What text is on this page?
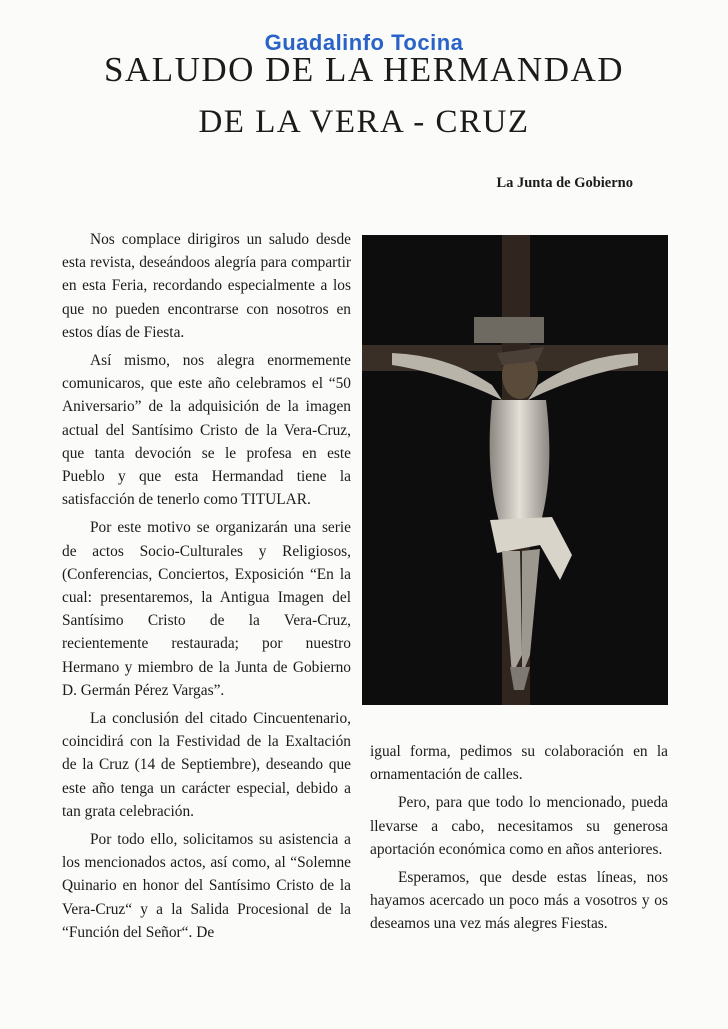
Guadalinfo Tocina
SALUDO DE LA HERMANDAD
DE LA VERA - CRUZ
La Junta de Gobierno

Nos complace dirigiros un saludo desde esta revista, deseándoos alegría para compartir en esta Feria, recordando especialmente a los que no pueden encontrarse con nosotros en estos días de Fiesta.

Así mismo, nos alegra enormemente comunicaros, que este año celebramos el “50 Aniversario” de la adquisición de la imagen actual del Santísimo Cristo de la Vera-Cruz, que tanta devoción se le profesa en este Pueblo y que esta Hermandad tiene la satisfacción de tenerlo como TITULAR.

Por este motivo se organizarán una serie de actos Socio-Culturales y Religiosos, (Conferencias, Conciertos, Exposición “En la cual: presentaremos, la Antigua Imagen del Santísimo Cristo de la Vera-Cruz, recientemente restaurada; por nuestro Hermano y miembro de la Junta de Gobierno D. Germán Pérez Vargas”.

La conclusión del citado Cincuentenario, coincidirá con la Festividad de la Exaltación de la Cruz (14 de Septiembre), deseando que este año tenga un carácter especial, debido a tan grata celebración.

Por todo ello, solicitamos su asistencia a los mencionados actos, así como, al “Solemne Quinario en honor del Santísimo Cristo de la Vera-Cruz“ y a la Salida Procesional de la “Función del Señor“. De

igual forma, pedimos su colaboración en la ornamentación de calles.

Pero, para que todo lo mencionado, pueda llevarse a cabo, necesitamos su generosa aportación económica como en años anteriores.

Esperamos, que desde estas líneas, nos hayamos acercado un poco más a vosotros y os deseamos una vez más alegres Fiestas.
